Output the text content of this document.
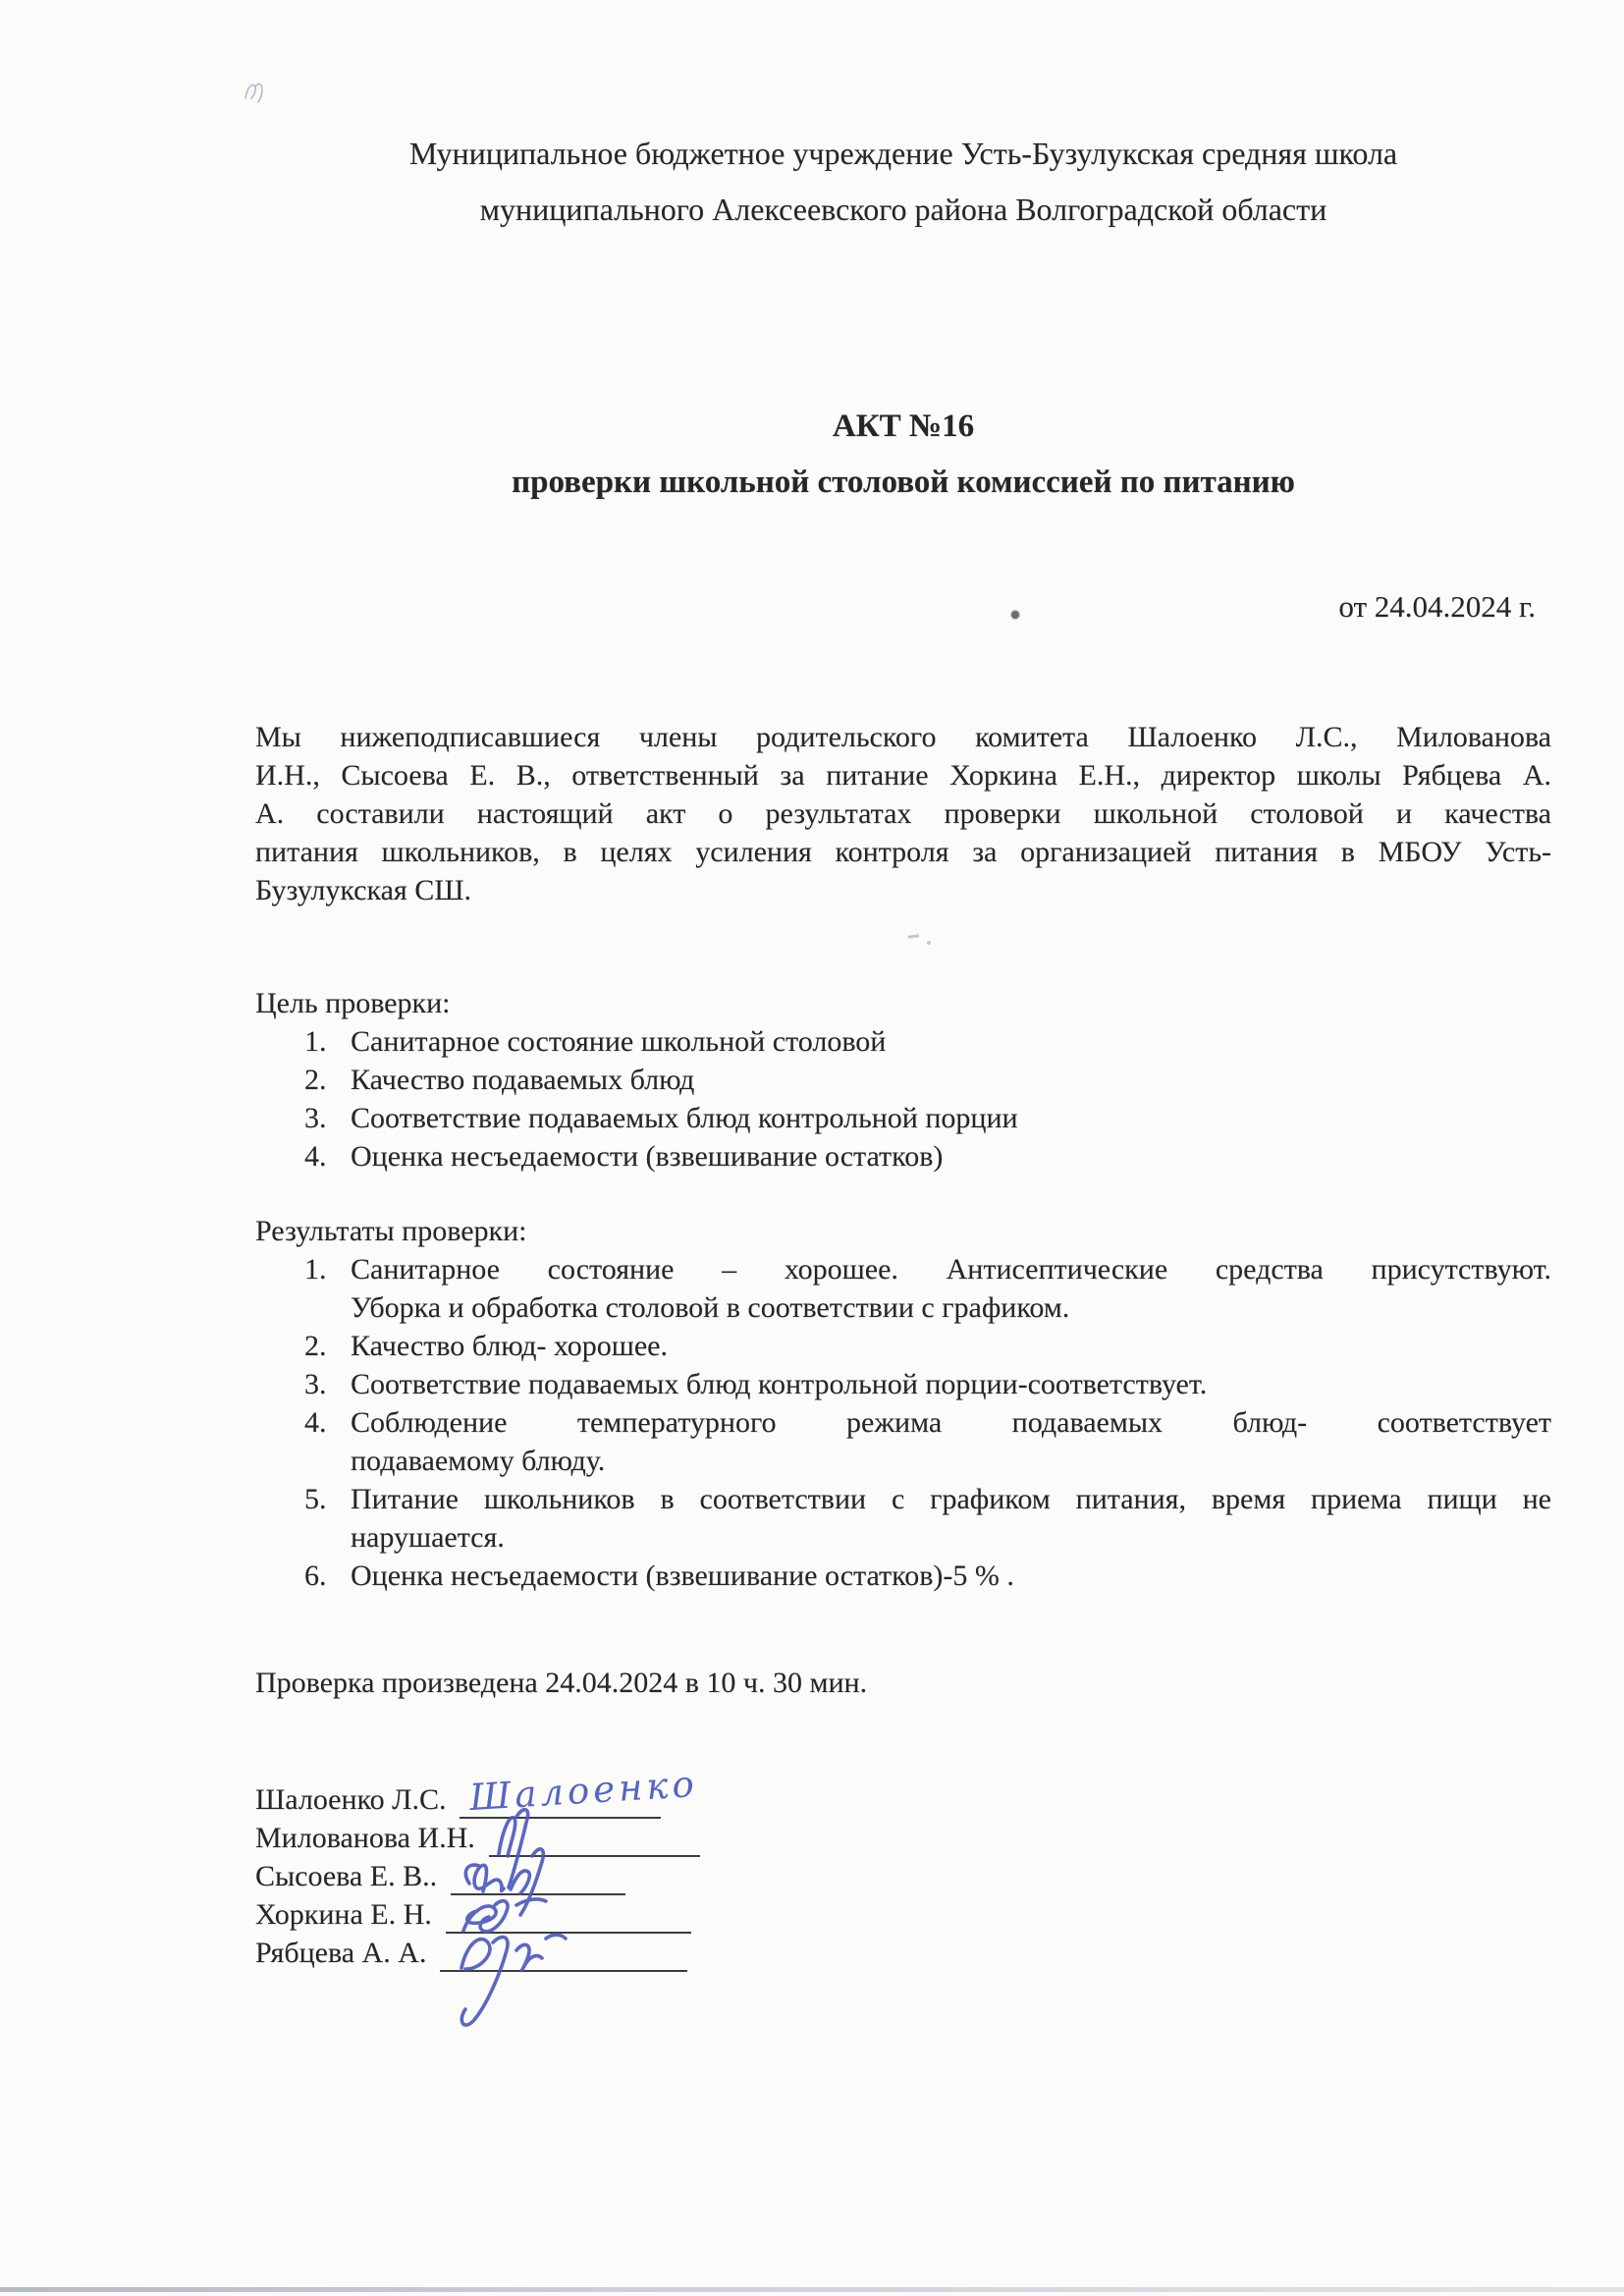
Муниципальное бюджетное учреждение Усть-Бузулукская средняя школа
муниципального Алексеевского района Волгоградской области
АКТ №16
проверки школьной столовой комиссией по питанию
от 24.04.2024 г.
Мы нижеподписавшиеся члены родительского комитета Шалоенко Л.С., Милованова
И.Н., Сысоева Е. В., ответственный за питание Хоркина Е.Н., директор школы Рябцева А.
А. составили настоящий акт о результатах проверки школьной столовой и качества
питания школьников, в целях усиления контроля за организацией питания в МБОУ Усть-
Бузулукская СШ.
Цель проверки:
1. Санитарное состояние школьной столовой
2. Качество подаваемых блюд
3. Соответствие подаваемых блюд контрольной порции
4. Оценка несъедаемости (взвешивание остатков)
Результаты проверки:
1. Санитарное состояние – хорошее. Антисептические средства присутствуют.
Уборка и обработка столовой в соответствии с графиком.
2. Качество блюд- хорошее.
3. Соответствие подаваемых блюд контрольной порции-соответствует.
4. Соблюдение температурного режима подаваемых блюд- соответствует
подаваемому блюду.
5. Питание школьников в соответствии с графиком питания, время приема пищи не
нарушается.
6. Оценка несъедаемости (взвешивание остатков)-5 % .
Проверка произведена 24.04.2024 в 10 ч. 30 мин.
Шалоенко Л.С.
Милованова И.Н.
Сысоева Е. В..
Хоркина Е. Н.
Рябцева А. А.
Шалоенко
